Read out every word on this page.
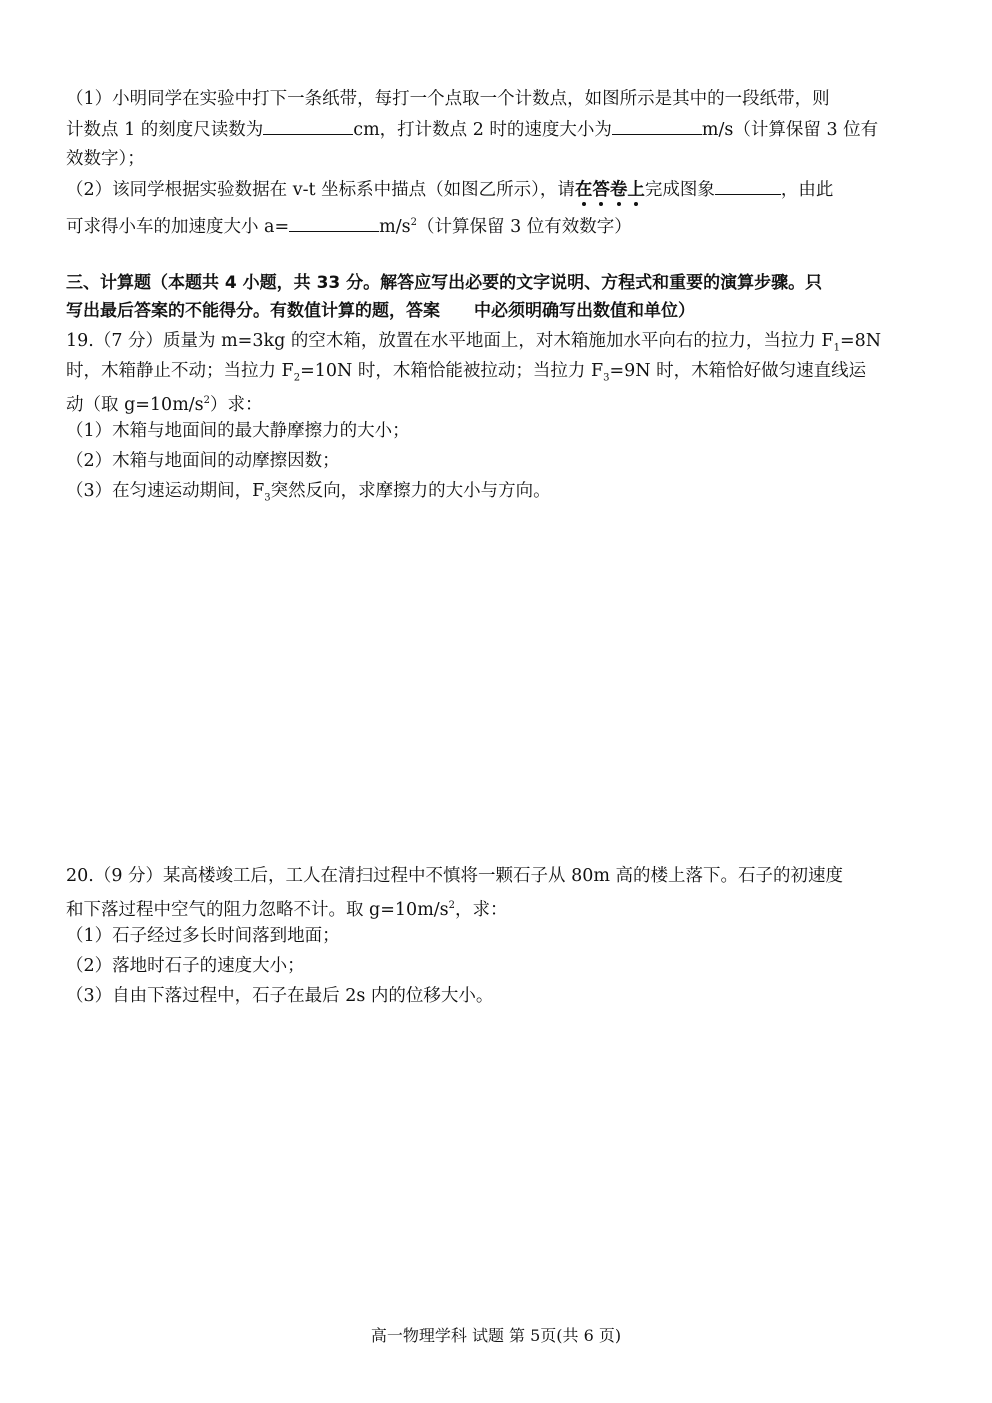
（1）小明同学在实验中打下一条纸带，每打一个点取一个计数点，如图所示是其中的一段纸带，则
计数点 1 的刻度尺读数为	cm，打计数点 2 时的速度大小为	m/s（计算保留 3 位有
效数字）；
（2）该同学根据实验数据在 v-t 坐标系中描点（如图乙所示），请在
答
卷
上
完成图象	，由此
可求得小车的加速度大小 a=	$m/s^2$（计算保留 3 位有效数字）
三、计算题（本题共 4 小题，共 33 分。解答应写出必要的文字说明、方程式和重要的演算步骤。只
写出最后答案的不能得分。有数值计算的题，答案　　中必须明确写出数值和单位）
19.（7 分）质量为 m=3kg 的空木箱，放置在水平地面上，对木箱施加水平向右的拉力，当拉力 $F_1=8N$
时，木箱静止不动；当拉力 $F_2=10N$ 时，木箱恰能被拉动；当拉力 $F_3=9N$ 时，木箱恰好做匀速直线运
动（取 $g=10m/s^2$）求：
（1）木箱与地面间的最大静摩擦力的大小；
（2）木箱与地面间的动摩擦因数；
（3）在匀速运动期间，$F_3$突然反向，求摩擦力的大小与方向。
20.（9 分）某高楼竣工后，工人在清扫过程中不慎将一颗石子从 80m 高的楼上落下。石子的初速度
和下落过程中空气的阻力忽略不计。取 $g=10m/s^2$，求：
（1）石子经过多长时间落到地面；
（2）落地时石子的速度大小；
（3）自由下落过程中，石子在最后 2s 内的位移大小。
高一物理学科 试题 第 5页(共 6 页)
